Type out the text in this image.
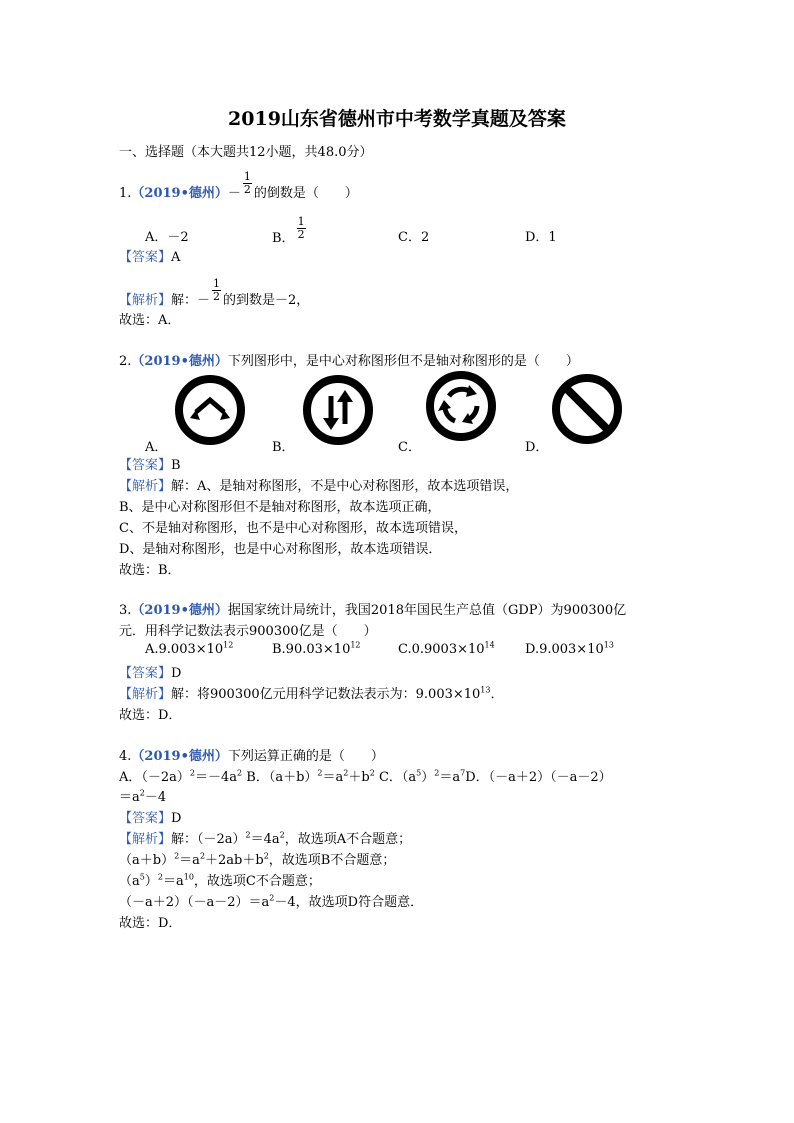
2019山东省德州市中考数学真题及答案
一、选择题（本大题共12小题，共48.0分）
1.（2019•德州）－ $\frac{1}{2}$ 的倒数是（　　）
A．－2	B． $\frac{1}{2}$	C．2	D．1
【答案】A
【解析】解：－ $\frac{1}{2}$ 的到数是－2，
故选：A．
2.（2019•德州）下列图形中，是中心对称图形但不是轴对称图形的是（　　）
A．	B．	C．	D．
【答案】B
【解析】解：A、是轴对称图形，不是中心对称图形，故本选项错误，
B、是中心对称图形但不是轴对称图形，故本选项正确，
C、不是轴对称图形，也不是中心对称图形，故本选项错误，
D、是轴对称图形，也是中心对称图形，故本选项错误．
故选：B．
3.（2019•德州）据国家统计局统计，我国2018年国民生产总值（GDP）为900300亿
元．用科学记数法表示900300亿是（　　）
$A.9.003\times 10^{12}$	$B.90.03\times 10^{12}$	$C.0.9003\times 10^{14}$ $D.9.003\times 10^{13}$
【答案】D
【解析】解：将900300亿元用科学记数法表示为：$9.003\times 10^{13}$．
故选：D．
4.（2019•德州）下列运算正确的是（　　）
A．$(-2a)^2=-4a^2$ B．$(a+b)^2=a^2+b^2$ C．$(a^5)^2=a^7D$．（－a＋2）（－a－2）
$=a^2-4$
【答案】D
【解析】解：$(-2a)^2=4a^2$，故选项A不合题意；
$(a+b)^2=a^2+2ab+b^2$，故选项B不合题意；
$(a^5)^2=a^{10}$，故选项C不合题意；
$(-a+2)(-a-2)=a^2-4$，故选项D符合题意．
故选：D．
